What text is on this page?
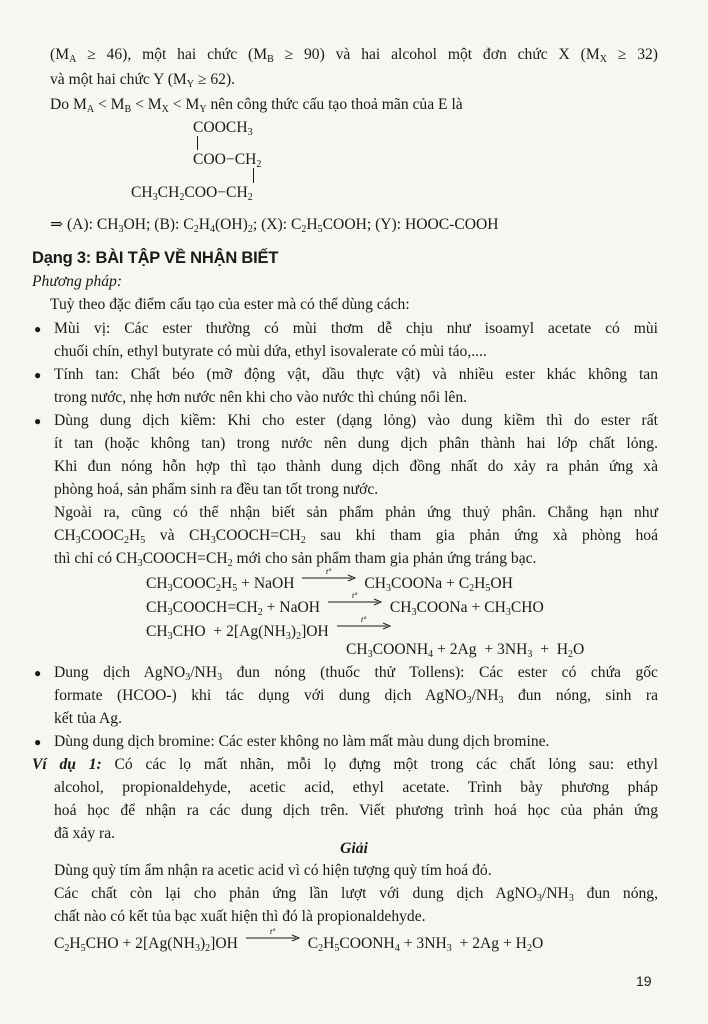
$(M_A \ge 46)$, một hai chức $(M_B \ge 90)$ và hai alcohol một đơn chức X $(M_X \ge 32)$
và một hai chức Y $(M_Y \ge 62)$.
Do $M_A < M_B < M_X < M_Y$ nên công thức cấu tạo thoả mãn của E là
$COOCH_3$
$COO-CH_2$
$CH_3CH_2COO-CH_2$
⇒ (A): $CH_3OH$; (B): $C_2H_4(OH)_2$; (X): $C_2H_5COOH$; (Y): HOOC-COOH
Dạng 3: BÀI TẬP VỀ NHẬN BIẾT
Phương pháp:
Tuỳ theo đặc điểm cấu tạo của ester mà có thể dùng cách:
● Mùi vị: Các ester thường có mùi thơm dễ chịu như isoamyl acetate có mùi
chuối chín, ethyl butyrate có mùi dứa, ethyl isovalerate có mùi táo,....
● Tính tan: Chất béo (mỡ động vật, dầu thực vật) và nhiều ester khác không tan
trong nước, nhẹ hơn nước nên khi cho vào nước thì chúng nổi lên.
● Dùng dung dịch kiềm: Khi cho ester (dạng lỏng) vào dung kiềm thì do ester rất
ít tan (hoặc không tan) trong nước nên dung dịch phân thành hai lớp chất lỏng.
Khi đun nóng hỗn hợp thì tạo thành dung dịch đồng nhất do xảy ra phản ứng xà
phòng hoá, sản phẩm sinh ra đều tan tốt trong nước.
Ngoài ra, cũng có thể nhận biết sản phẩm phản ứng thuỷ phân. Chẳng hạn như
$CH_3COOC_2H_5$ và $CH_3COOCH=CH_2$ sau khi tham gia phản ứng xà phòng hoá
thì chỉ có $CH_3COOCH=CH_2$ mới cho sản phẩm tham gia phản ứng tráng bạc.
$CH_3COOC_2H_5$ + NaOH
t°
$CH_3COONa + C_2H_5OH$
$CH_3COOCH=CH_2$ + NaOH
t°
$CH_3COONa + CH_3CHO$
$CH_3CHO + 2[Ag(NH_3)_2]OH$
t°
$CH_3COONH_4 + 2Ag + 3NH_3 + H_2O$
● Dung dịch $AgNO_3/NH_3$ đun nóng (thuốc thử Tollens): Các ester có chứa gốc
formate (HCOO-) khi tác dụng với dung dịch $AgNO_3/NH_3$ đun nóng, sinh ra
kết tủa Ag.
● Dùng dung dịch bromine: Các ester không no làm mất màu dung dịch bromine.
Ví dụ 1: Có các lọ mất nhãn, mỗi lọ đựng một trong các chất lỏng sau: ethyl
alcohol, propionaldehyde, acetic acid, ethyl acetate. Trình bày phương pháp
hoá học để nhận ra các dung dịch trên. Viết phương trình hoá học của phản ứng
đã xảy ra.
Giải
Dùng quỳ tím ẩm nhận ra acetic acid vì có hiện tượng quỳ tím hoá đỏ.
Các chất còn lại cho phản ứng lần lượt với dung dịch $AgNO_3/NH_3$ đun nóng,
chất nào có kết tủa bạc xuất hiện thì đó là propionaldehyde.
$C_2H_5CHO + 2[Ag(NH_3)_2]OH$
t°
$C_2H_5COONH_4 + 3NH_3 + 2Ag + H_2O$
19
